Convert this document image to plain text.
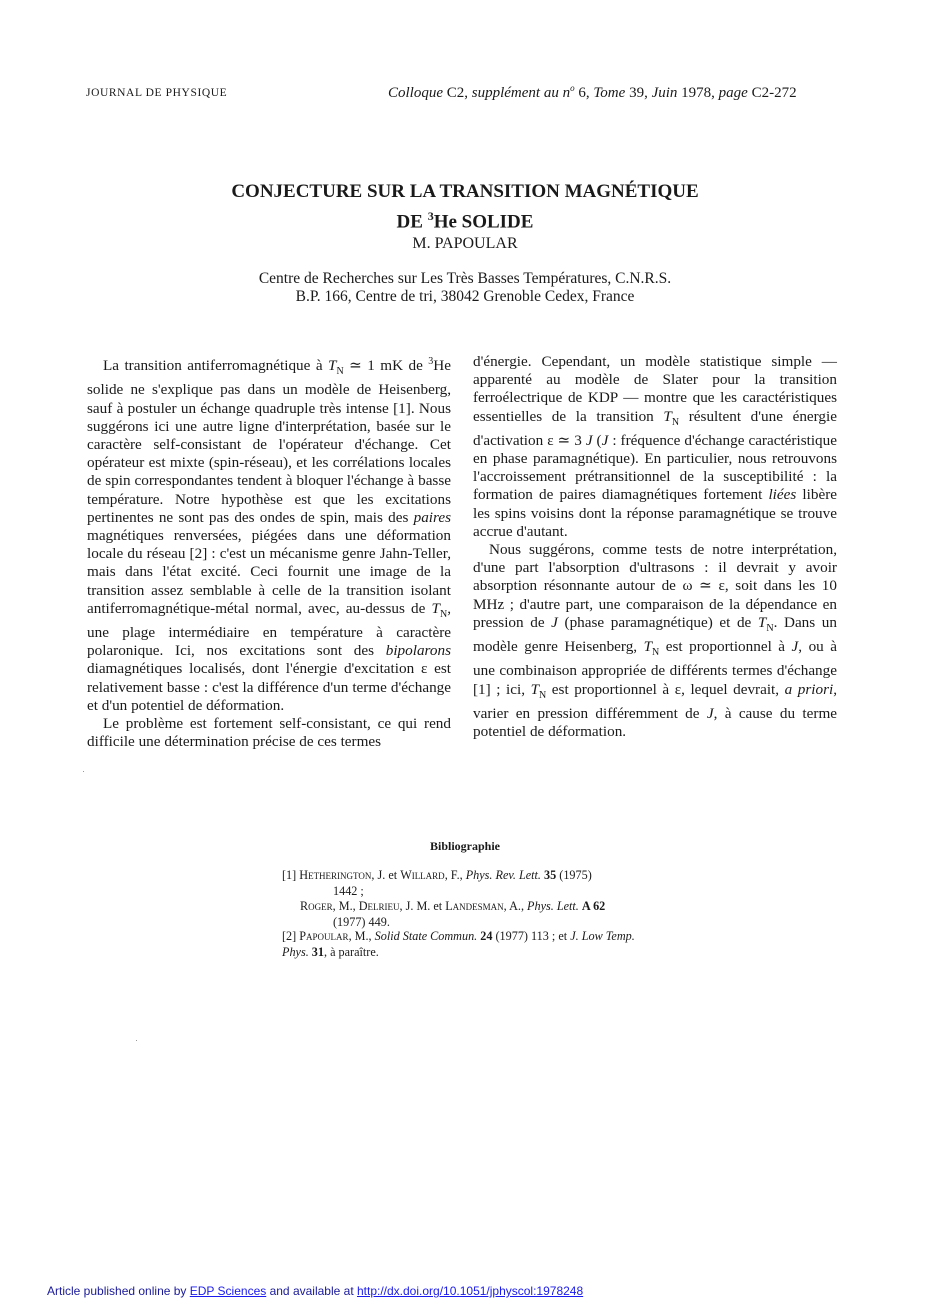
JOURNAL DE PHYSIQUE	Colloque C2, supplément au $n^o$ 6, Tome 39, Juin 1978, page C2-272
CONJECTURE SUR LA TRANSITION MAGNÉTIQUE
DE $^3$He SOLIDE
M. PAPOULAR
Centre de Recherches sur Les Très Basses Températures, C.N.R.S.
B.P. 166, Centre de tri, 38042 Grenoble Cedex, France

La transition antiferromagnétique à $T_N$ ≃ 1 mK de $^3$He solide ne s'explique pas dans un modèle de Heisenberg, sauf à postuler un échange quadruple très intense [1]. Nous suggérons ici une autre ligne d'interprétation, basée sur le caractère self-consistant de l'opérateur d'échange. Cet opérateur est mixte (spin-réseau), et les corrélations locales de spin correspondantes tendent à bloquer l'échange à basse température. Notre hypothèse est que les excitations pertinentes ne sont pas des ondes de spin, mais des paires magnétiques renversées, piégées dans une déformation locale du réseau [2] : c'est un mécanisme genre Jahn-Teller, mais dans l'état excité. Ceci fournit une image de la transition assez semblable à celle de la transition isolant antiferromagnétique-métal normal, avec, au-dessus de $T_N$, une plage intermédiaire en température à caractère polaronique. Ici, nos excitations sont des bipolarons diamagnétiques localisés, dont l'énergie d'excitation ε est relativement basse : c'est la différence d'un terme d'échange et d'un potentiel de déformation.

Le problème est fortement self-consistant, ce qui rend difficile une détermination précise de ces termes

d'énergie. Cependant, un modèle statistique simple — apparenté au modèle de Slater pour la transition ferroélectrique de KDP — montre que les caractéristiques essentielles de la transition $T_N$ résultent d'une énergie d'activation ε ≃ 3 J (J : fréquence d'échange caractéristique en phase paramagnétique). En particulier, nous retrouvons l'accroissement prétransitionnel de la susceptibilité : la formation de paires diamagnétiques fortement liées libère les spins voisins dont la réponse paramagnétique se trouve accrue d'autant.

Nous suggérons, comme tests de notre interprétation, d'une part l'absorption d'ultrasons : il devrait y avoir absorption résonnante autour de ω ≃ ε, soit dans les 10 MHz ; d'autre part, une comparaison de la dépendance en pression de J (phase paramagnétique) et de $T_N$. Dans un modèle genre Heisenberg, $T_N$ est proportionnel à J, ou à une combinaison appropriée de différents termes d'échange [1] ; ici, $T_N$ est proportionnel à ε, lequel devrait, a priori, varier en pression différemment de J, à cause du terme potentiel de déformation.

Bibliographie
[1] Hetherington, J. et Willard, F., Phys. Rev. Lett. 35 (1975)
1442 ;
Roger, M., Delrieu, J. M. et Landesman, A., Phys. Lett. A 62
(1977) 449.
[2] Papoular, M., Solid State Commun. 24 (1977) 113 ; et J. Low Temp. Phys. 31, à paraître.
Article published online by EDP Sciences and available at http://dx.doi.org/10.1051/jphyscol:1978248
